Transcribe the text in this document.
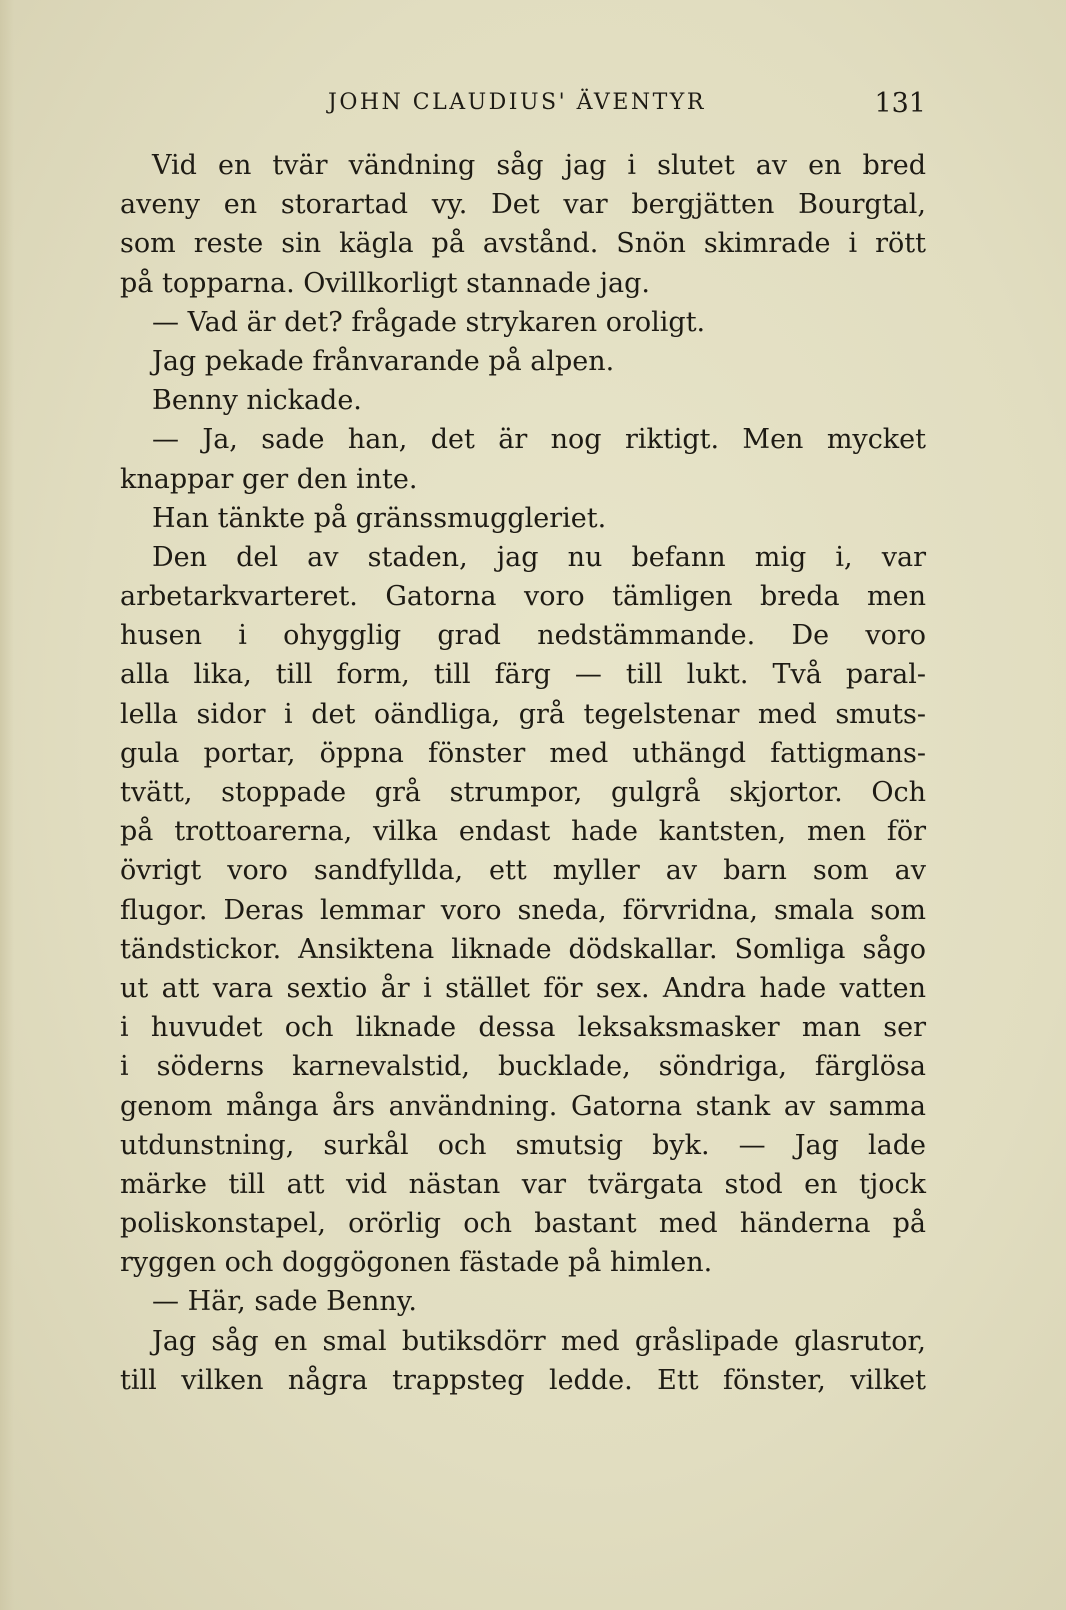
JOHN CLAUDIUS' ÄVENTYR	131
Vid en tvär vändning såg jag i slutet av en bred
aveny en storartad vy. Det var bergjätten Bourgtal,
som reste sin kägla på avstånd. Snön skimrade i rött
på topparna. Ovillkorligt stannade jag.
— Vad är det? frågade strykaren oroligt.
Jag pekade frånvarande på alpen.
Benny nickade.
— Ja, sade han, det är nog riktigt. Men mycket
knappar ger den inte.
Han tänkte på gränssmuggleriet.
Den del av staden, jag nu befann mig i, var
arbetarkvarteret. Gatorna voro tämligen breda men
husen i ohygglig grad nedstämmande. De voro
alla lika, till form, till färg — till lukt. Två paral-
lella sidor i det oändliga, grå tegelstenar med smuts-
gula portar, öppna fönster med uthängd fattigmans-
tvätt, stoppade grå strumpor, gulgrå skjortor. Och
på trottoarerna, vilka endast hade kantsten, men för
övrigt voro sandfyllda, ett myller av barn som av
flugor. Deras lemmar voro sneda, förvridna, smala som
tändstickor. Ansiktena liknade dödskallar. Somliga sågo
ut att vara sextio år i stället för sex. Andra hade vatten
i huvudet och liknade dessa leksaksmasker man ser
i söderns karnevalstid, bucklade, söndriga, färglösa
genom många års användning. Gatorna stank av samma
utdunstning, surkål och smutsig byk. — Jag lade
märke till att vid nästan var tvärgata stod en tjock
poliskonstapel, orörlig och bastant med händerna på
ryggen och doggögonen fästade på himlen.
— Här, sade Benny.
Jag såg en smal butiksdörr med gråslipade glasrutor,
till vilken några trappsteg ledde. Ett fönster, vilket
